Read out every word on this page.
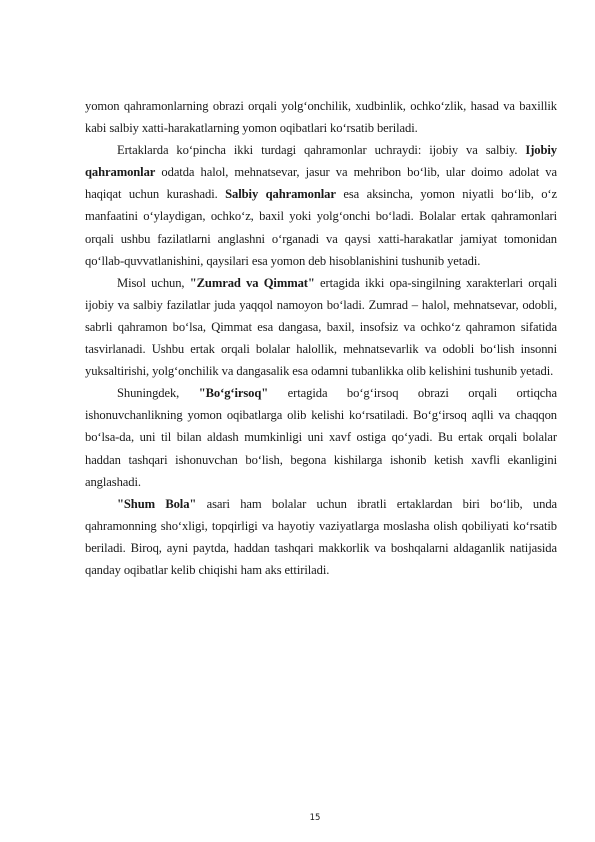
yomon qahramonlarning obrazi orqali yolg‘onchilik, xudbinlik, ochko‘zlik, hasad va baxillik kabi salbiy xatti-harakatlarning yomon oqibatlari ko‘rsatib beriladi.

Ertaklarda ko‘pincha ikki turdagi qahramonlar uchraydi: ijobiy va salbiy. Ijobiy qahramonlar odatda halol, mehnatsevar, jasur va mehribon bo‘lib, ular doimo adolat va haqiqat uchun kurashadi. Salbiy qahramonlar esa aksincha, yomon niyatli bo‘lib, o‘z manfaatini o‘ylaydigan, ochko‘z, baxil yoki yolg‘onchi bo‘ladi. Bolalar ertak qahramonlari orqali ushbu fazilatlarni anglashni o‘rganadi va qaysi xatti-harakatlar jamiyat tomonidan qo‘llab-quvvatlanishini, qaysilari esa yomon deb hisoblanishini tushunib yetadi.

Misol uchun, "Zumrad va Qimmat" ertagida ikki opa-singilning xarakterlari orqali ijobiy va salbiy fazilatlar juda yaqqol namoyon bo‘ladi. Zumrad – halol, mehnatsevar, odobli, sabrli qahramon bo‘lsa, Qimmat esa dangasa, baxil, insofsiz va ochko‘z qahramon sifatida tasvirlanadi. Ushbu ertak orqali bolalar halollik, mehnatsevarlik va odobli bo‘lish insonni yuksaltirishi, yolg‘onchilik va dangasalik esa odamni tubanlikka olib kelishini tushunib yetadi.

Shuningdek, "Bo‘g‘irsoq" ertagida bo‘g‘irsoq obrazi orqali ortiqcha ishonuvchanlikning yomon oqibatlarga olib kelishi ko‘rsatiladi. Bo‘g‘irsoq aqlli va chaqqon bo‘lsa-da, uni til bilan aldash mumkinligi uni xavf ostiga qo‘yadi. Bu ertak orqali bolalar haddan tashqari ishonuvchan bo‘lish, begona kishilarga ishonib ketish xavfli ekanligini anglashadi.

"Shum Bola" asari ham bolalar uchun ibratli ertaklardan biri bo‘lib, unda qahramonning sho‘xligi, topqirligi va hayotiy vaziyatlarga moslasha olish qobiliyati ko‘rsatib beriladi. Biroq, ayni paytda, haddan tashqari makkorlik va boshqalarni aldaganlik natijasida qanday oqibatlar kelib chiqishi ham aks ettiriladi.

15
